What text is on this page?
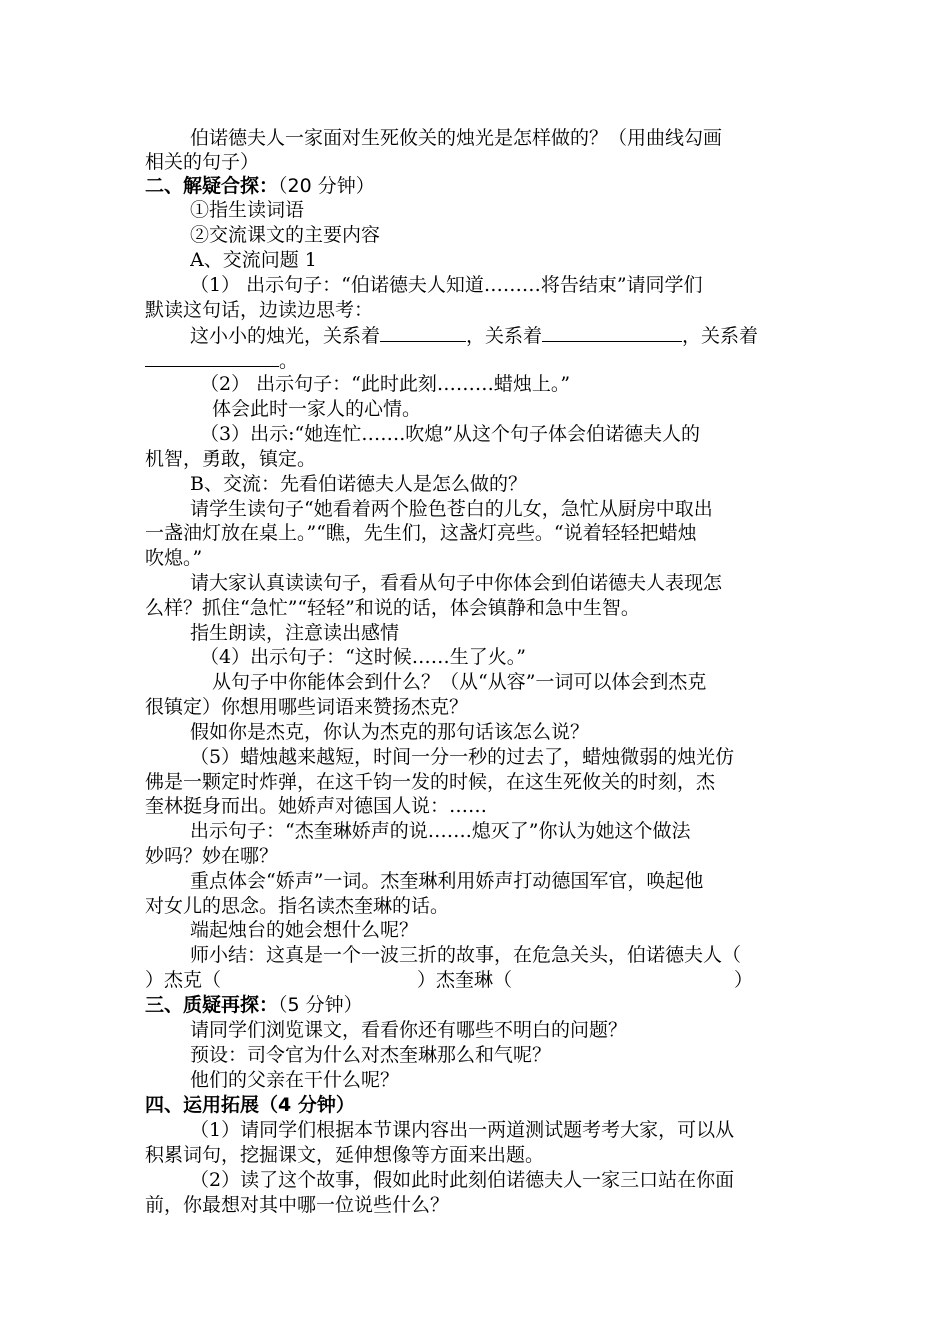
伯诺德夫人一家面对生死攸关的烛光是怎样做的？（用曲线勾画
相关的句子）
二、解疑合探：（20 分钟）
①指生读词语
②交流课文的主要内容
A、交流问题 1
（1） 出示句子：“伯诺德夫人知道………将告结束”请同学们
默读这句话，边读边思考：
这小小的烛光，关系着	，关系着	，关系着
。
（2） 出示句子：“此时此刻………蜡烛上。”
体会此时一家人的心情。
（3）出示:“她连忙…….吹熄”从这个句子体会伯诺德夫人的
机智，勇敢，镇定。
B、交流：先看伯诺德夫人是怎么做的？
请学生读句子“她看着两个脸色苍白的儿女，急忙从厨房中取出
一盏油灯放在桌上。”“瞧，先生们，这盏灯亮些。“说着轻轻把蜡烛
吹熄。”
请大家认真读读句子，看看从句子中你体会到伯诺德夫人表现怎
么样？抓住“急忙”“轻轻”和说的话，体会镇静和急中生智。
指生朗读，注意读出感情
（4）出示句子：“这时候……生了火。”
从句子中你能体会到什么？（从“从容”一词可以体会到杰克
很镇定）你想用哪些词语来赞扬杰克？
假如你是杰克，你认为杰克的那句话该怎么说？
（5）蜡烛越来越短，时间一分一秒的过去了，蜡烛微弱的烛光仿
佛是一颗定时炸弹，在这千钧一发的时候，在这生死攸关的时刻，杰
奎林挺身而出。她娇声对德国人说：……
出示句子：“杰奎琳娇声的说…….熄灭了”你认为她这个做法
妙吗？妙在哪？
重点体会“娇声”一词。杰奎琳利用娇声打动德国军官，唤起他
对女儿的思念。指名读杰奎琳的话。
端起烛台的她会想什么呢？
师小结：这真是一个一波三折的故事，在危急关头，伯诺德夫人（
）杰克（	）杰奎琳（	）
三、质疑再探：（5 分钟）
请同学们浏览课文，看看你还有哪些不明白的问题？
预设：司令官为什么对杰奎琳那么和气呢？
他们的父亲在干什么呢？
四、运用拓展（4 分钟）
（1）请同学们根据本节课内容出一两道测试题考考大家，可以从
积累词句，挖掘课文，延伸想像等方面来出题。
（2）读了这个故事，假如此时此刻伯诺德夫人一家三口站在你面
前，你最想对其中哪一位说些什么？
